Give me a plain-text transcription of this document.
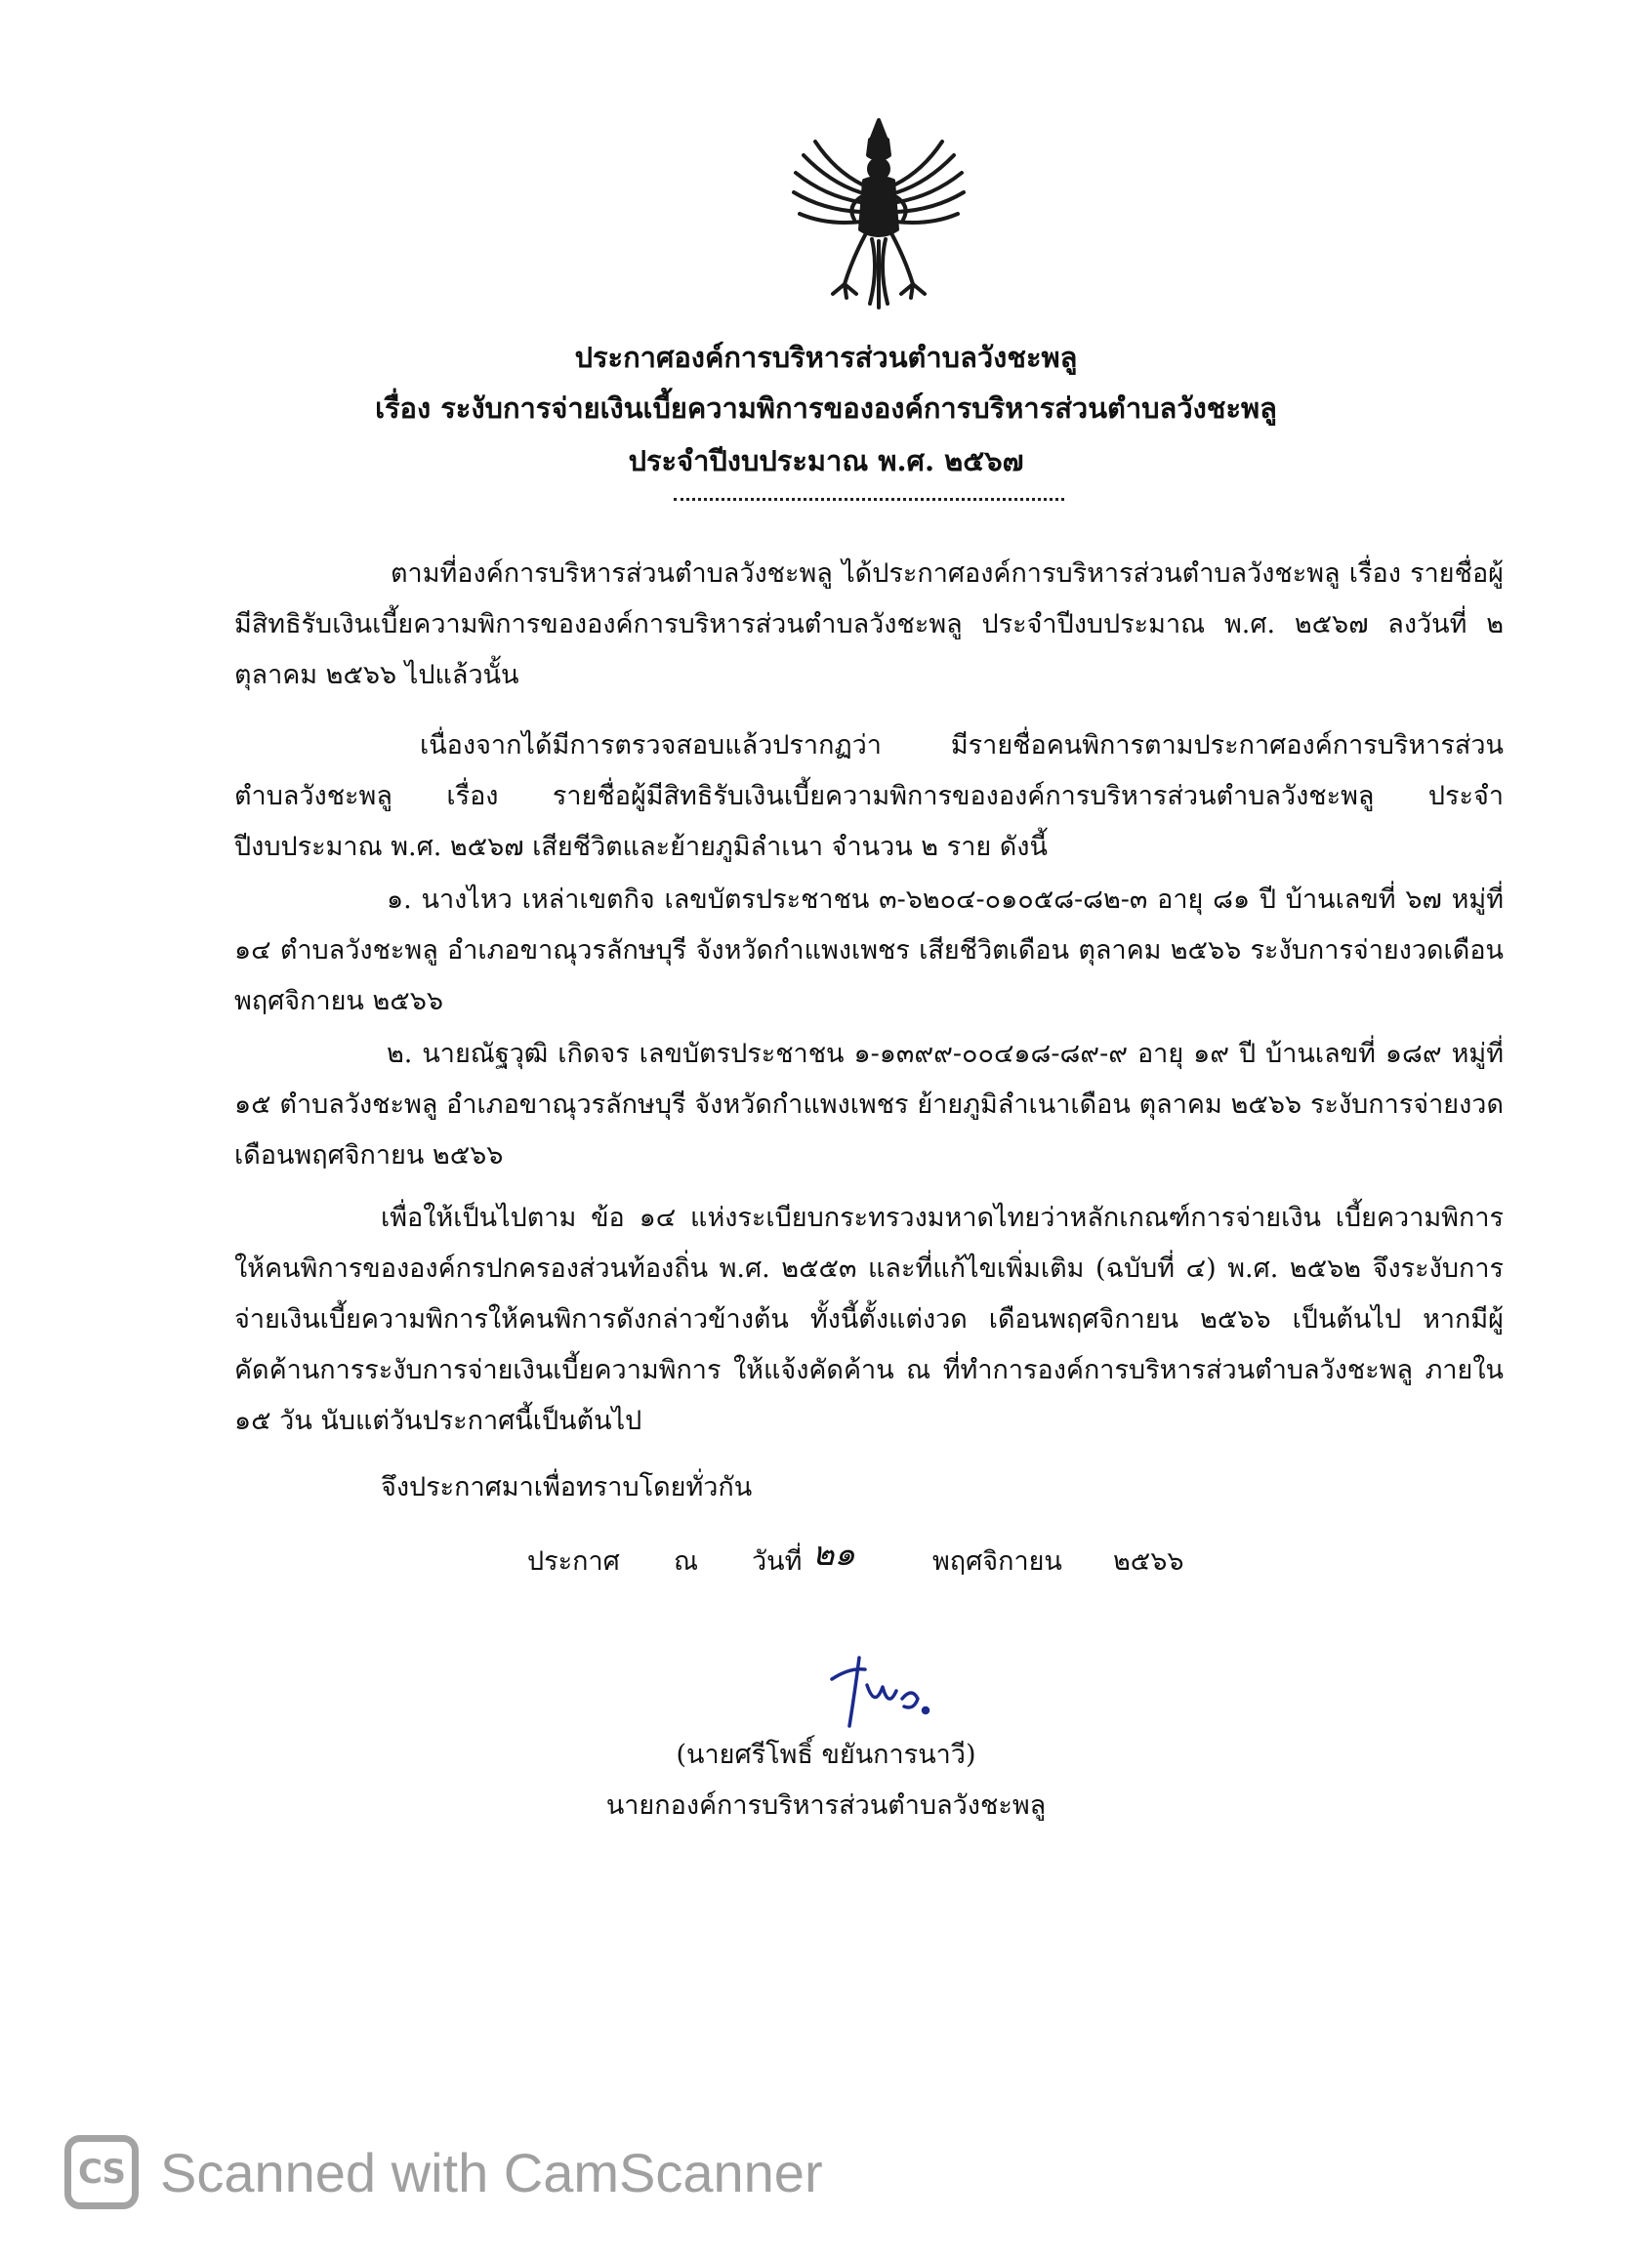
ประกาศองค์การบริหารส่วนตำบลวังชะพลู
เรื่อง ระงับการจ่ายเงินเบี้ยความพิการขององค์การบริหารส่วนตำบลวังชะพลู
ประจำปีงบประมาณ พ.ศ. ๒๕๖๗
ตามที่องค์การบริหารส่วนตำบลวังชะพลู ได้ประกาศองค์การบริหารส่วนตำบลวังชะพลู เรื่อง รายชื่อผู้มีสิทธิรับเงินเบี้ยความพิการขององค์การบริหารส่วนตำบลวังชะพลู ประจำปีงบประมาณ พ.ศ. ๒๕๖๗ ลงวันที่ ๒ ตุลาคม ๒๕๖๖ ไปแล้วนั้น
เนื่องจากได้มีการตรวจสอบแล้วปรากฏว่า มีรายชื่อคนพิการตามประกาศองค์การบริหารส่วนตำบลวังชะพลู เรื่อง รายชื่อผู้มีสิทธิรับเงินเบี้ยความพิการขององค์การบริหารส่วนตำบลวังชะพลู ประจำปีงบประมาณ พ.ศ. ๒๕๖๗ เสียชีวิตและย้ายภูมิลำเนา จำนวน ๒ ราย ดังนี้
๑. นางไหว เหล่าเขตกิจ เลขบัตรประชาชน ๓-๖๒๐๔-๐๑๐๕๘-๘๒-๓ อายุ ๘๑ ปี บ้านเลขที่ ๖๗ หมู่ที่ ๑๔ ตำบลวังชะพลู อำเภอขาณุวรลักษบุรี จังหวัดกำแพงเพชร เสียชีวิตเดือน ตุลาคม ๒๕๖๖ ระงับการจ่ายงวดเดือนพฤศจิกายน ๒๕๖๖
๒. นายณัฐวุฒิ เกิดจร เลขบัตรประชาชน ๑-๑๓๙๙-๐๐๔๑๘-๘๙-๙ อายุ ๑๙ ปี บ้านเลขที่ ๑๘๙ หมู่ที่ ๑๕ ตำบลวังชะพลู อำเภอขาณุวรลักษบุรี จังหวัดกำแพงเพชร ย้ายภูมิลำเนาเดือน ตุลาคม ๒๕๖๖ ระงับการจ่ายงวดเดือนพฤศจิกายน ๒๕๖๖
เพื่อให้เป็นไปตาม ข้อ ๑๔ แห่งระเบียบกระทรวงมหาดไทยว่าหลักเกณฑ์การจ่ายเงิน เบี้ยความพิการให้คนพิการขององค์กรปกครองส่วนท้องถิ่น พ.ศ. ๒๕๕๓ และที่แก้ไขเพิ่มเติม (ฉบับที่ ๔) พ.ศ. ๒๕๖๒ จึงระงับการจ่ายเงินเบี้ยความพิการให้คนพิการดังกล่าวข้างต้น ทั้งนี้ตั้งแต่งวด เดือนพฤศจิกายน ๒๕๖๖ เป็นต้นไป หากมีผู้คัดค้านการระงับการจ่ายเงินเบี้ยความพิการ ให้แจ้งคัดค้าน ณ ที่ทำการองค์การบริหารส่วนตำบลวังชะพลู ภายใน ๑๕ วัน นับแต่วันประกาศนี้เป็นต้นไป
จึงประกาศมาเพื่อทราบโดยทั่วกัน
ประกาศ ณ วันที่ ๒๑	พฤศจิกายน ๒๕๖๖
(นายศรีโพธิ์ ขยันการนาวี)
นายกองค์การบริหารส่วนตำบลวังชะพลู
CS Scanned with CamScanner
